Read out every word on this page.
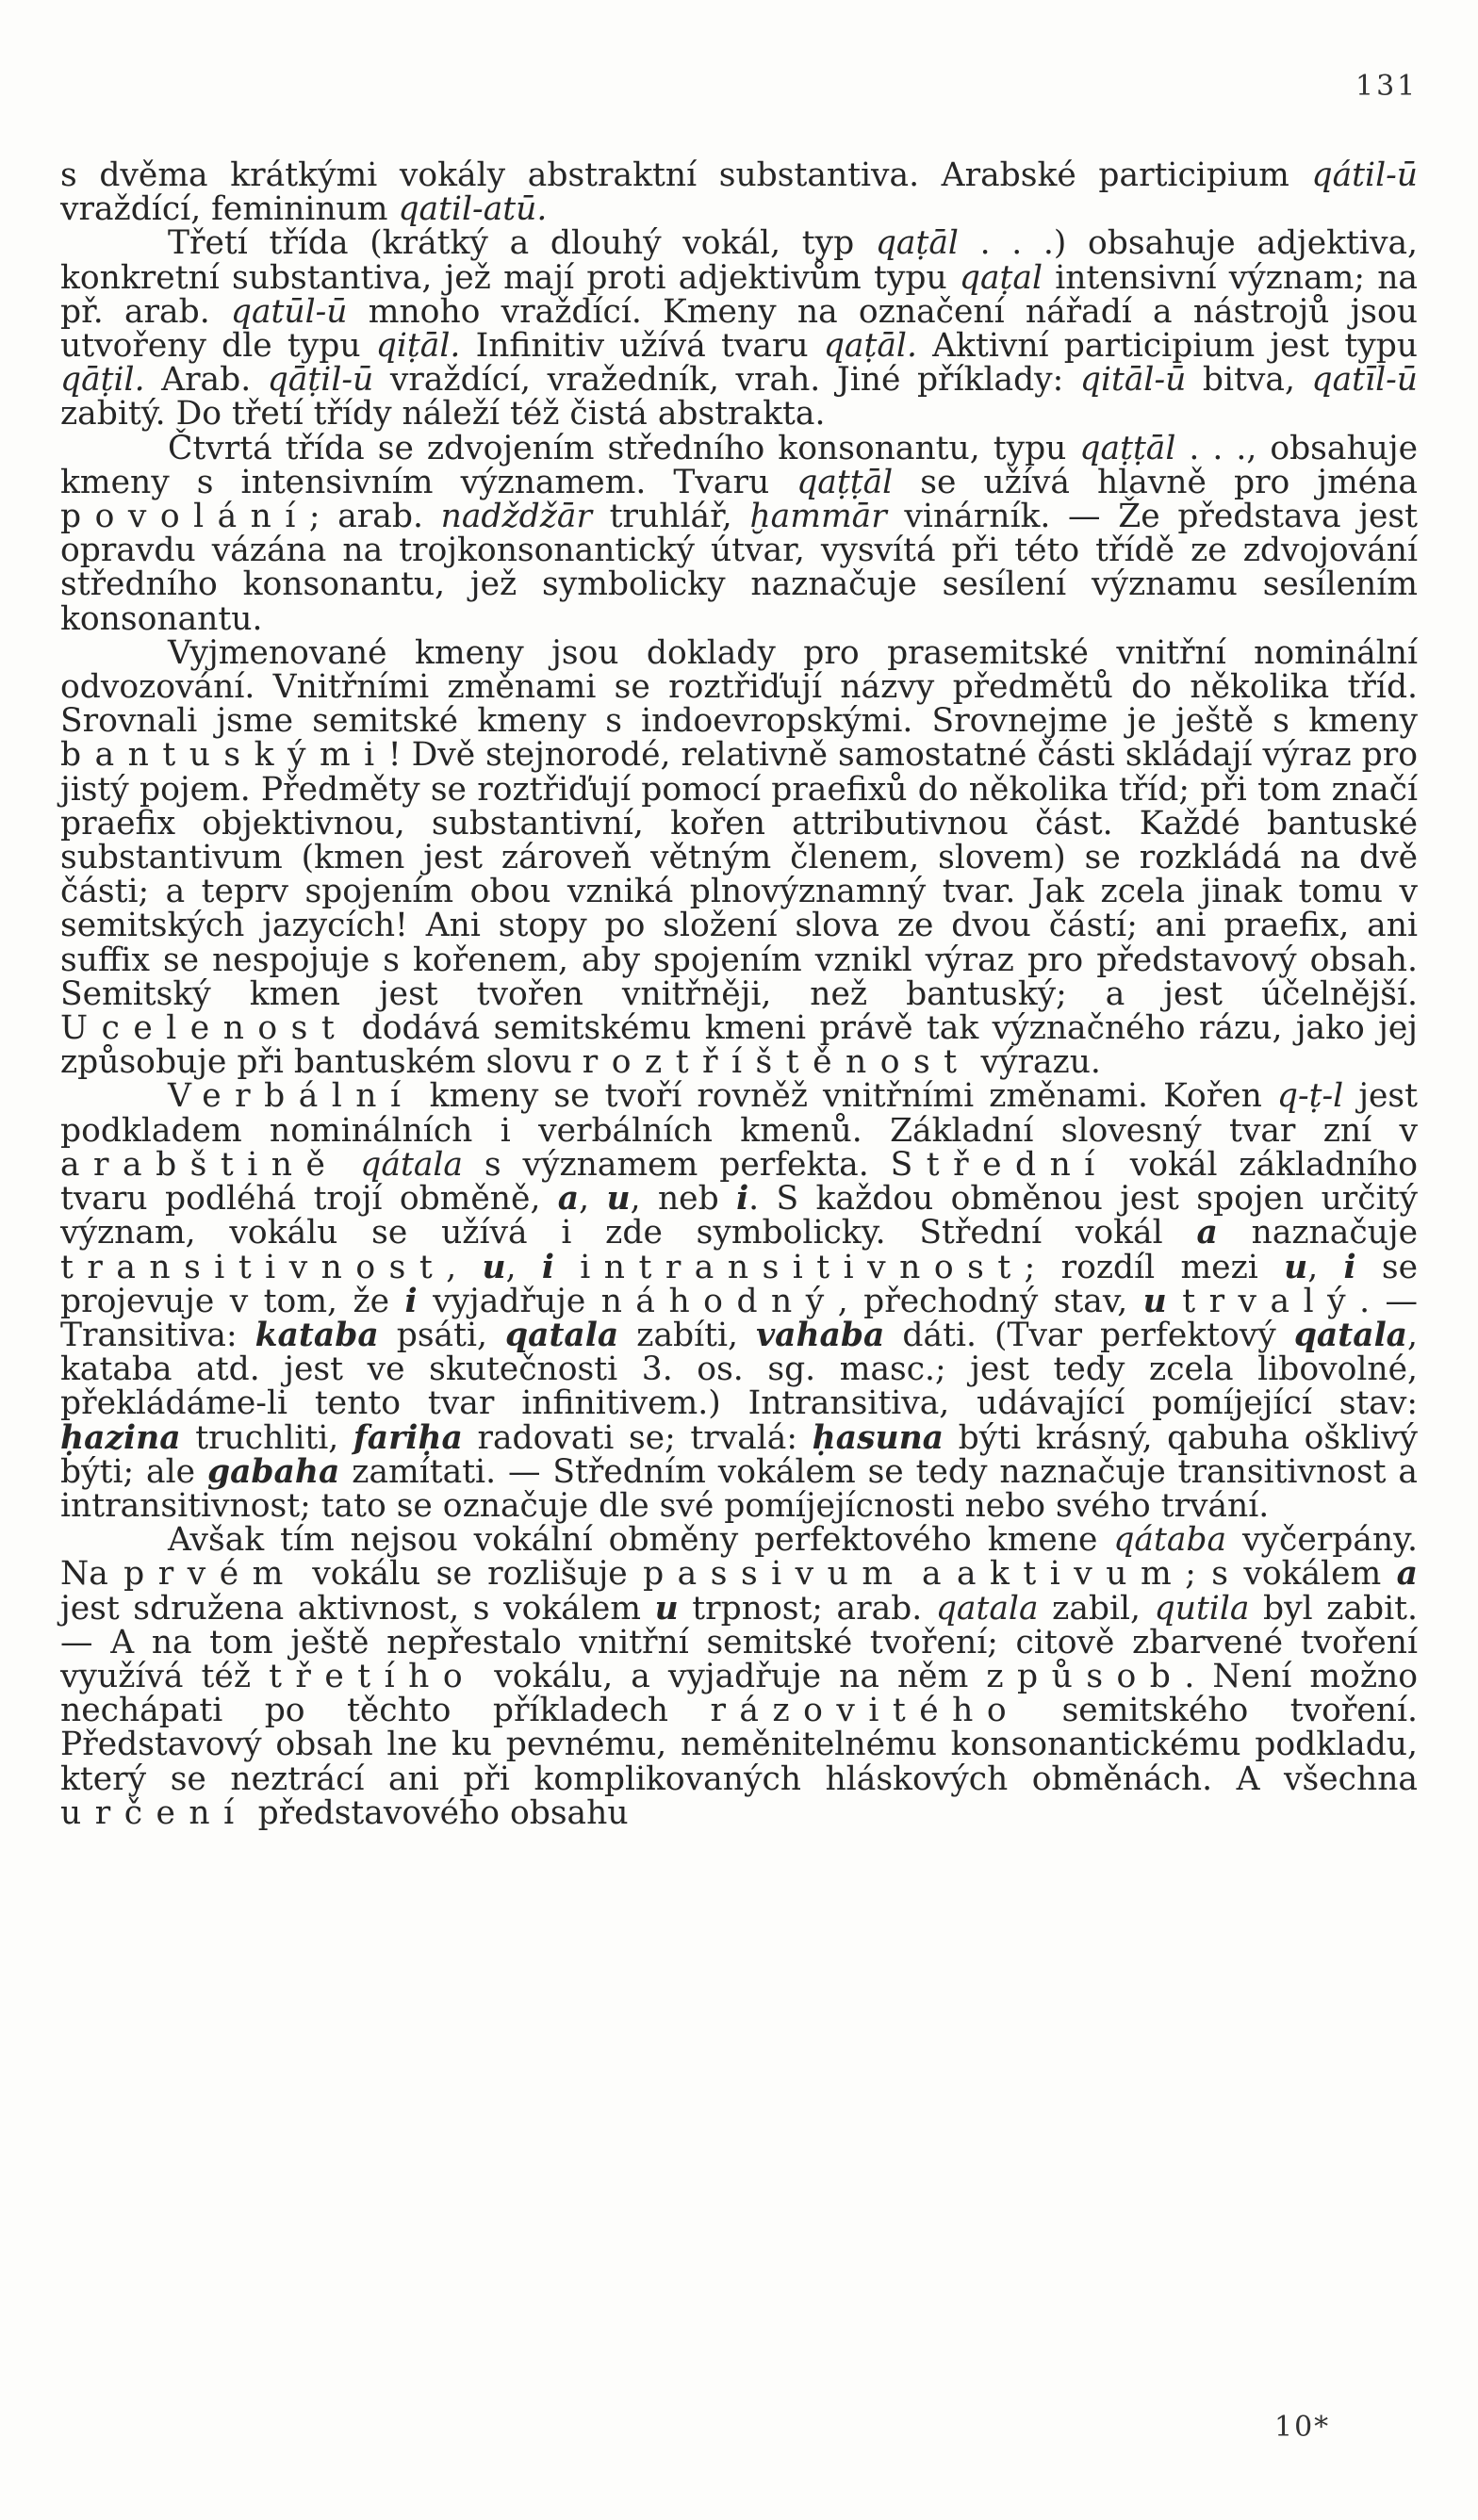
131

s dvěma krátkými vokály abstraktní substantiva. Arabské participium qátil-ū vraždící, femininum qatil-atū.

Třetí třída (krátký a dlouhý vokál, typ qaṭāl . . .) obsahuje adjektiva, konkretní substantiva, jež mají proti adjektivům typu qaṭal intensivní význam; na př. arab. qatūl-ū mnoho vraždící. Kmeny na označení nářadí a nástrojů jsou utvořeny dle typu qiṭāl. Infinitiv užívá tvaru qaṭāl. Aktivní participium jest typu qāṭil. Arab. qāṭil-ū vraždící, vražedník, vrah. Jiné příklady: qitāl-ū bitva, qatīl-ū zabitý. Do třetí třídy náleží též čistá abstrakta.

Čtvrtá třída se zdvojením středního konsonantu, typu qaṭṭāl . . ., obsahuje kmeny s intensivním významem. Tvaru qaṭṭāl se užívá hlavně pro jména povolání; arab. nadždžār truhlář, ḫammār vinárník. — Že představa jest opravdu vázána na trojkonsonantický útvar, vysvítá při této třídě ze zdvojování středního konsonantu, jež symbolicky naznačuje sesílení významu sesílením konsonantu.

Vyjmenované kmeny jsou doklady pro prasemitské vnitřní nominální odvozování. Vnitřními změnami se roztřiďují názvy předmětů do několika tříd. Srovnali jsme semitské kmeny s indoevropskými. Srovnejme je ještě s kmeny bantuskými! Dvě stejnorodé, relativně samostatné části skládají výraz pro jistý pojem. Předměty se roztřiďují pomocí praefixů do několika tříd; při tom značí praefix objektivnou, substantivní, kořen attributivnou část. Každé bantuské substantivum (kmen jest zároveň větným členem, slovem) se rozkládá na dvě části; a teprv spojením obou vzniká plnovýznamný tvar. Jak zcela jinak tomu v semitských jazycích! Ani stopy po složení slova ze dvou částí; ani praefix, ani suffix se nespojuje s kořenem, aby spojením vznikl výraz pro představový obsah. Semitský kmen jest tvořen vnitřněji, než bantuský; a jest účelnější. Ucelenost dodává semitskému kmeni právě tak význačného rázu, jako jej způsobuje při bantuském slovu roztříštěnost výrazu.

Verbální kmeny se tvoří rovněž vnitřními změnami. Kořen q-ṭ-l jest podkladem nominálních i verbálních kmenů. Základní slovesný tvar zní v arabštině qátala s významem perfekta. Střední vokál základního tvaru podléhá trojí obměně, a, u, neb i. S každou obměnou jest spojen určitý význam, vokálu se užívá i zde symbolicky. Střední vokál a naznačuje transitivnost, u, i intransitivnost; rozdíl mezi u, i se projevuje v tom, že i vyjadřuje náhodný, přechodný stav, u trvalý. — Transitiva: kataba psáti, qatala zabíti, vahaba dáti. (Tvar perfektový qatala, kataba atd. jest ve skutečnosti 3. os. sg. masc.; jest tedy zcela libovolné, překládáme-li tento tvar infinitivem.) Intransitiva, udávající pomíjející stav: ḥazina truchliti, fariḥa radovati se; trvalá: ḥasuna býti krásný, qabuha ošklivý býti; ale gabaha zamítati. — Středním vokálem se tedy naznačuje transitivnost a intransitivnost; tato se označuje dle své pomíjejícnosti nebo svého trvání.

Avšak tím nejsou vokální obměny perfektového kmene qátaba vyčerpány. Na prvém vokálu se rozlišuje passivum a aktivum; s vokálem a jest sdružena aktivnost, s vokálem u trpnost; arab. qatala zabil, qutila byl zabit. — A na tom ještě nepřestalo vnitřní semitské tvoření; citově zbarvené tvoření využívá též třetího vokálu, a vyjadřuje na něm způsob. Není možno nechápati po těchto příkladech rázovitého semitského tvoření. Představový obsah lne ku pevnému, neměnitelnému konsonantickému podkladu, který se neztrácí ani při komplikovaných hláskových obměnách. A všechna určení představového obsahu

10*
